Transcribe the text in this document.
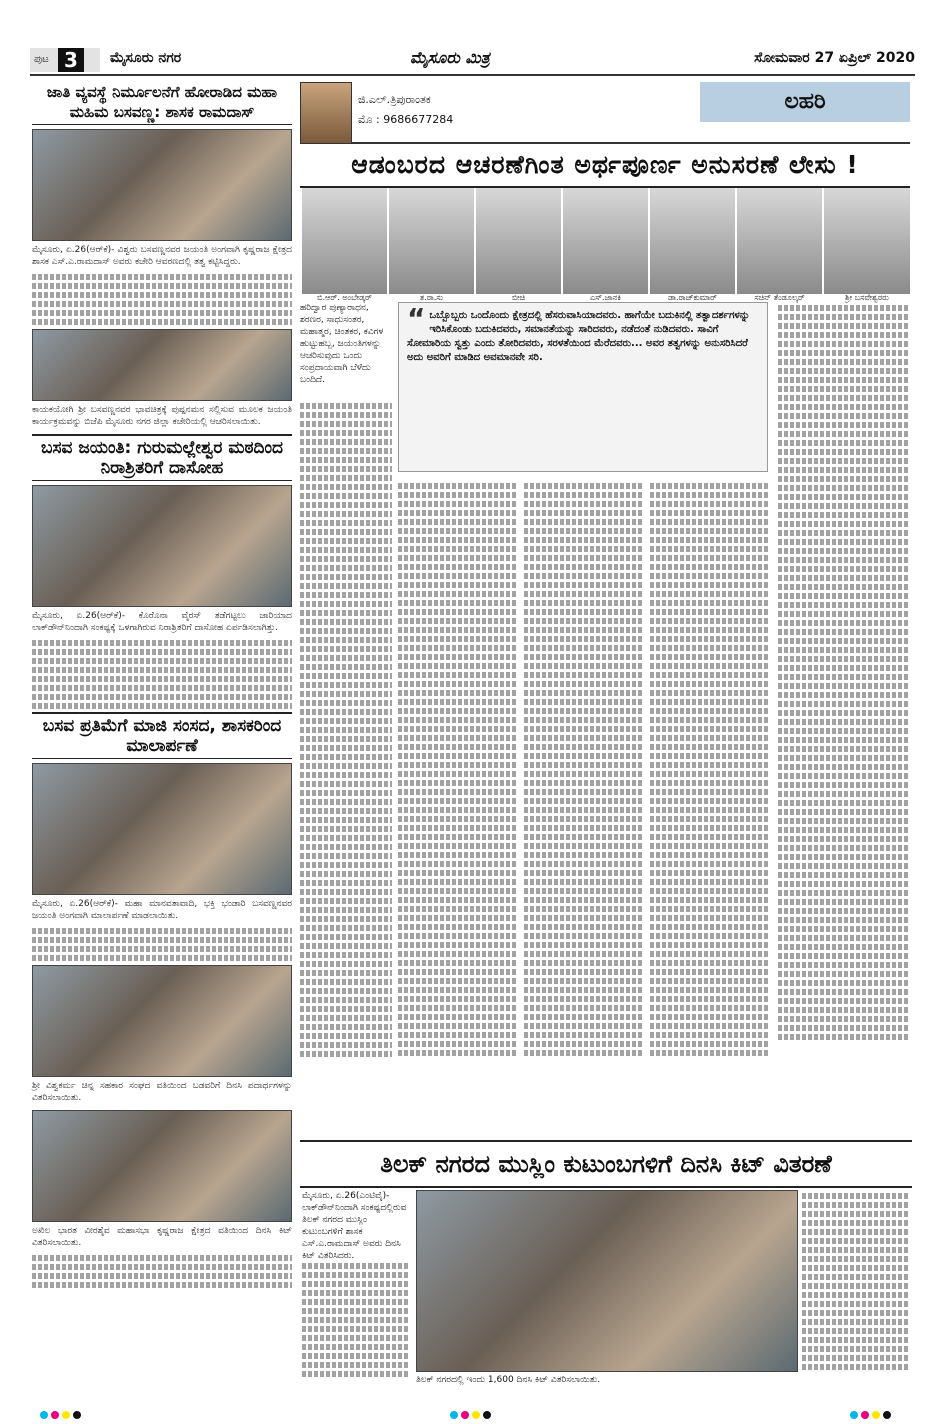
ಪುಟ 3	ಮೈಸೂರು ನಗರ	ಮೈಸೂರು ಮಿತ್ರ	ಸೋಮವಾರ 27 ಏಪ್ರಿಲ್ 2020
ಜಾತಿ ವ್ಯವಸ್ಥೆ ನಿರ್ಮೂಲನೆಗೆ ಹೋರಾಡಿದ ಮಹಾ ಮಹಿಮ ಬಸವಣ್ಣ: ಶಾಸಕ ರಾಮದಾಸ್
ಮೈಸೂರು, ಏ.26(ಆರ್‌ಕೆ)- ವಿಶ್ವರು ಬಸವಣ್ಣನವರ ಜಯಂತಿ ಅಂಗವಾಗಿ ಕೃಷ್ಣರಾಜ ಕ್ಷೇತ್ರದ ಶಾಸಕ ಎಸ್.ಎ.ರಾಮದಾಸ್ ಅವರು ಕಚೇರಿ ಆವರಣದಲ್ಲಿ ತತ್ವ ಕಟ್ಟಿಸಿದ್ದರು.
ಕಾಯಕಯೋಗಿ ಶ್ರೀ ಬಸವಣ್ಣನವರ ಭಾವಚಿತ್ರಕ್ಕೆ ಪುಷ್ಪನಮನ ಸಲ್ಲಿಸುವ ಮೂಲಕ ಜಯಂತಿ ಕಾರ್ಯಕ್ರಮವನ್ನು ಬಿಜೆಪಿ ಮೈಸೂರು ನಗರ ಜಿಲ್ಲಾ ಕಚೇರಿಯಲ್ಲಿ ಆಚರಿಸಲಾಯಿತು.
ಬಸವ ಜಯಂತಿ: ಗುರುಮಲ್ಲೇಶ್ವರ ಮಠದಿಂದ ನಿರಾಶ್ರಿತರಿಗೆ ದಾಸೋಹ
ಮೈಸೂರು, ಏ.26(ಆರ್‌ಕೆ)- ಕೊರೊನಾ ವೈರಸ್ ತಡೆಗಟ್ಟಲು ಜಾರಿಯಾದ ಲಾಕ್‌ಡೌನ್‌ನಿಂದಾಗಿ ಸಂಕಷ್ಟಕ್ಕೆ ಒಳಗಾಗಿರುವ ನಿರಾಶ್ರಿತರಿಗೆ ದಾಸೋಹ ಏರ್ಪಡಿಸಲಾಗಿತ್ತು.
ಬಸವ ಪ್ರತಿಮೆಗೆ ಮಾಜಿ ಸಂಸದ, ಶಾಸಕರಿಂದ ಮಾಲಾರ್ಪಣೆ
ಮೈಸೂರು, ಏ.26(ಆರ್‌ಕೆ)- ಮಹಾ ಮಾನವತಾವಾದಿ, ಭಕ್ತಿ ಭಂಡಾರಿ ಬಸವಣ್ಣನವರ ಜಯಂತಿ ಅಂಗವಾಗಿ ಮಾಲಾರ್ಪಣೆ ಮಾಡಲಾಯಿತು.
ಶ್ರೀ ವಿಶ್ವಕರ್ಮ ಚಿನ್ನ ಸಹಕಾರ ಸಂಘದ ವತಿಯಿಂದ ಬಡವರಿಗೆ ದಿನಸಿ ಪದಾರ್ಥಗಳನ್ನು ವಿತರಿಸಲಾಯಿತು.
ಅಖಿಲ ಭಾರತ ವೀರಶೈವ ಮಹಾಸಭಾ ಕೃಷ್ಣರಾಜ ಕ್ಷೇತ್ರದ ವತಿಯಿಂದ ದಿನಸಿ ಕಿಟ್ ವಿತರಿಸಲಾಯಿತು.
ಜಿ.ಎಲ್.ತ್ರಿಪುರಾಂತಕ
ಮೊ : 9686677284
ಲಹರಿ
ಆಡಂಬರದ ಆಚರಣೆಗಿಂತ ಅರ್ಥಪೂರ್ಣ ಅನುಸರಣೆ ಲೇಸು !
ಬಿ.ಆರ್. ಅಂಬೇಡ್ಕರ್	ತ.ರಾ.ಸು	ಬೀಚಿ	ಎಸ್.ಜಾನಕಿ	ಡಾ.ರಾಜ್‌ಕುಮಾರ್	ಸಚಿನ್ ತೆಂಡೂಲ್ಕರ್	ಶ್ರೀ ಬಸವೇಶ್ವರರು
“ ಒಬ್ಬೊಬ್ಬರು ಒಂದೊಂದು ಕ್ಷೇತ್ರದಲ್ಲಿ ಹೆಸರುವಾಸಿಯಾದವರು. ಹಾಗೆಯೇ ಬದುಕಿನಲ್ಲಿ ತತ್ವಾದರ್ಶಗಳನ್ನು ಇರಿಸಿಕೊಂಡು ಬದುಕಿದವರು, ಸಮಾನತೆಯನ್ನು ಸಾರಿದವರು, ನಡೆದಂತೆ ನುಡಿದವರು. ಸಾವಿಗೆ ಸೋಮಾರಿಯ ಸ್ವತ್ತು ಎಂದು ತೋರಿದವರು, ಸರಳತೆಯಿಂದ ಮೆರೆದವರು... ಅವರ ತತ್ವಗಳನ್ನು ಅನುಸರಿಸಿದರೆ ಅದು ಅವರಿಗೆ ಮಾಡಿದ ಅವಮಾನವೇ ಸರಿ.
ಹರಿದ್ವಾರ ಪುಣ್ಯಾರಾಧನ, ಶರಣರ, ಸಾಧುಸಂತರ, ಮಹಾತ್ಮರ, ಚಿಂತಕರ, ಕವಿಗಳ ಹುಟ್ಟುಹಬ್ಬ, ಜಯಂತಿಗಳನ್ನು ಆಚರಿಸುವುದು ಒಂದು ಸಂಪ್ರದಾಯವಾಗಿ ಬೆಳೆದು ಬಂದಿದೆ.
ತಿಲಕ್ ನಗರದ ಮುಸ್ಲಿಂ ಕುಟುಂಬಗಳಿಗೆ ದಿನಸಿ ಕಿಟ್ ವಿತರಣೆ
ಮೈಸೂರು, ಏ.26(ಎಂಟಿವೈ)- ಲಾಕ್‌ಡೌನ್‌ನಿಂದಾಗಿ ಸಂಕಷ್ಟದಲ್ಲಿರುವ ತಿಲಕ್ ನಗರದ ಮುಸ್ಲಿಂ ಕುಟುಂಬಗಳಿಗೆ ಶಾಸಕ ಎಸ್.ಎ.ರಾಮದಾಸ್ ಅವರು ದಿನಸಿ ಕಿಟ್ ವಿತರಿಸಿದರು.
ತಿಲಕ್ ನಗರದಲ್ಲಿ ಇಂದು 1,600 ದಿನಸಿ ಕಿಟ್ ವಿತರಿಸಲಾಯಿತು.
